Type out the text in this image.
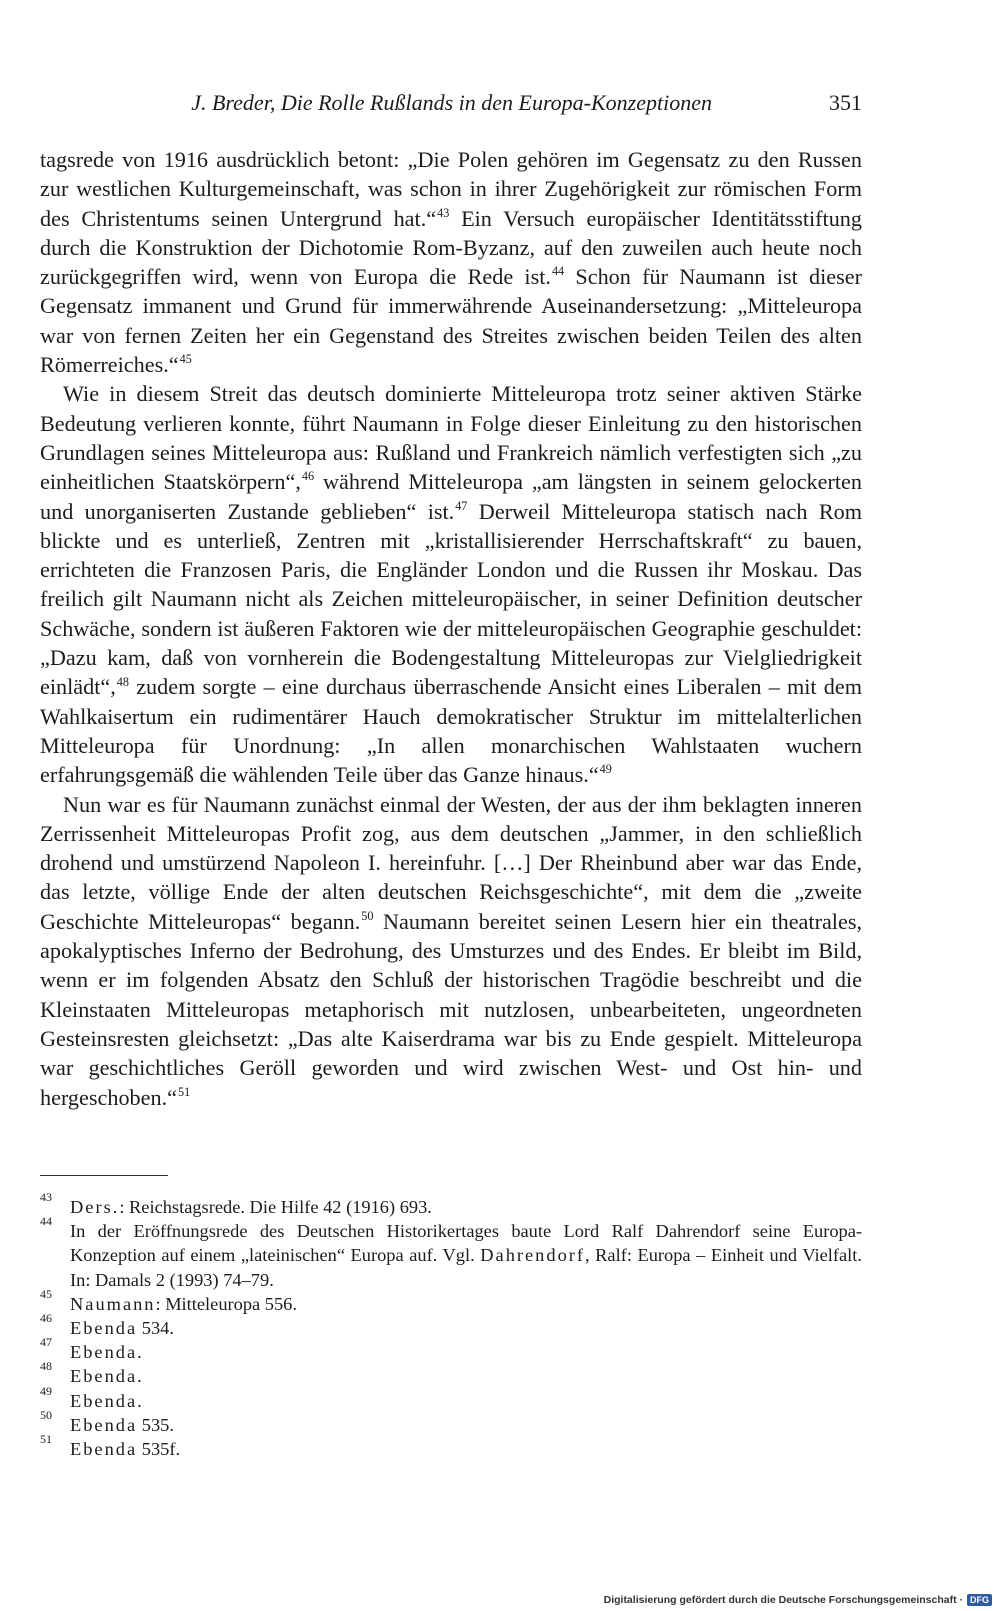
J. Breder, Die Rolle Rußlands in den Europa-Konzeptionen	351

tagsrede von 1916 ausdrücklich betont: „Die Polen gehören im Gegensatz zu den Russen zur westlichen Kulturgemeinschaft, was schon in ihrer Zugehörigkeit zur römischen Form des Christentums seinen Untergrund hat.“$^{43}$ Ein Versuch europäischer Identitätsstiftung durch die Konstruktion der Dichotomie Rom-Byzanz, auf den zuweilen auch heute noch zurückgegriffen wird, wenn von Europa die Rede ist.$^{44}$ Schon für Naumann ist dieser Gegensatz immanent und Grund für immerwährende Auseinandersetzung: „Mitteleuropa war von fernen Zeiten her ein Gegenstand des Streites zwischen beiden Teilen des alten Römerreiches.“$^{45}$

Wie in diesem Streit das deutsch dominierte Mitteleuropa trotz seiner aktiven Stärke Bedeutung verlieren konnte, führt Naumann in Folge dieser Einleitung zu den historischen Grundlagen seines Mitteleuropa aus: Rußland und Frankreich nämlich verfestigten sich „zu einheitlichen Staatskörpern“,$^{46}$ während Mitteleuropa „am längsten in seinem gelockerten und unorganiserten Zustande geblieben“ ist.$^{47}$ Derweil Mitteleuropa statisch nach Rom blickte und es unterließ, Zentren mit „kristallisierender Herrschaftskraft“ zu bauen, errichteten die Franzosen Paris, die Engländer London und die Russen ihr Moskau. Das freilich gilt Naumann nicht als Zeichen mitteleuropäischer, in seiner Definition deutscher Schwäche, sondern ist äußeren Faktoren wie der mitteleuropäischen Geographie geschuldet: „Dazu kam, daß von vornherein die Bodengestaltung Mitteleuropas zur Vielgliedrigkeit einlädt“,$^{48}$ zudem sorgte – eine durchaus überraschende Ansicht eines Liberalen – mit dem Wahlkaisertum ein rudimentärer Hauch demokratischer Struktur im mittelalterlichen Mitteleuropa für Unordnung: „In allen monarchischen Wahlstaaten wuchern erfahrungsgemäß die wählenden Teile über das Ganze hinaus.“$^{49}$

Nun war es für Naumann zunächst einmal der Westen, der aus der ihm beklagten inneren Zerrissenheit Mitteleuropas Profit zog, aus dem deutschen „Jammer, in den schließlich drohend und umstürzend Napoleon I. hereinfuhr. […] Der Rheinbund aber war das Ende, das letzte, völlige Ende der alten deutschen Reichsgeschichte“, mit dem die „zweite Geschichte Mitteleuropas“ begann.$^{50}$ Naumann bereitet seinen Lesern hier ein theatrales, apokalyptisches Inferno der Bedrohung, des Umsturzes und des Endes. Er bleibt im Bild, wenn er im folgenden Absatz den Schluß der historischen Tragödie beschreibt und die Kleinstaaten Mitteleuropas metaphorisch mit nutzlosen, unbearbeiteten, ungeordneten Gesteinsresten gleichsetzt: „Das alte Kaiserdrama war bis zu Ende gespielt. Mitteleuropa war geschichtliches Geröll geworden und wird zwischen West- und Ost hin- und hergeschoben.“$^{51}$

43 Ders.: Reichstagsrede. Die Hilfe 42 (1916) 693.
44 In der Eröffnungsrede des Deutschen Historikertages baute Lord Ralf Dahrendorf seine Europa-Konzeption auf einem „lateinischen“ Europa auf. Vgl. Dahrendorf, Ralf: Europa – Einheit und Vielfalt. In: Damals 2 (1993) 74–79.
45 Naumann: Mitteleuropa 556.
46 Ebenda 534.
47 Ebenda.
48 Ebenda.
49 Ebenda.
50 Ebenda 535.
51 Ebenda 535f.
Digitalisierung gefördert durch die Deutsche Forschungsgemeinschaft · DFG
